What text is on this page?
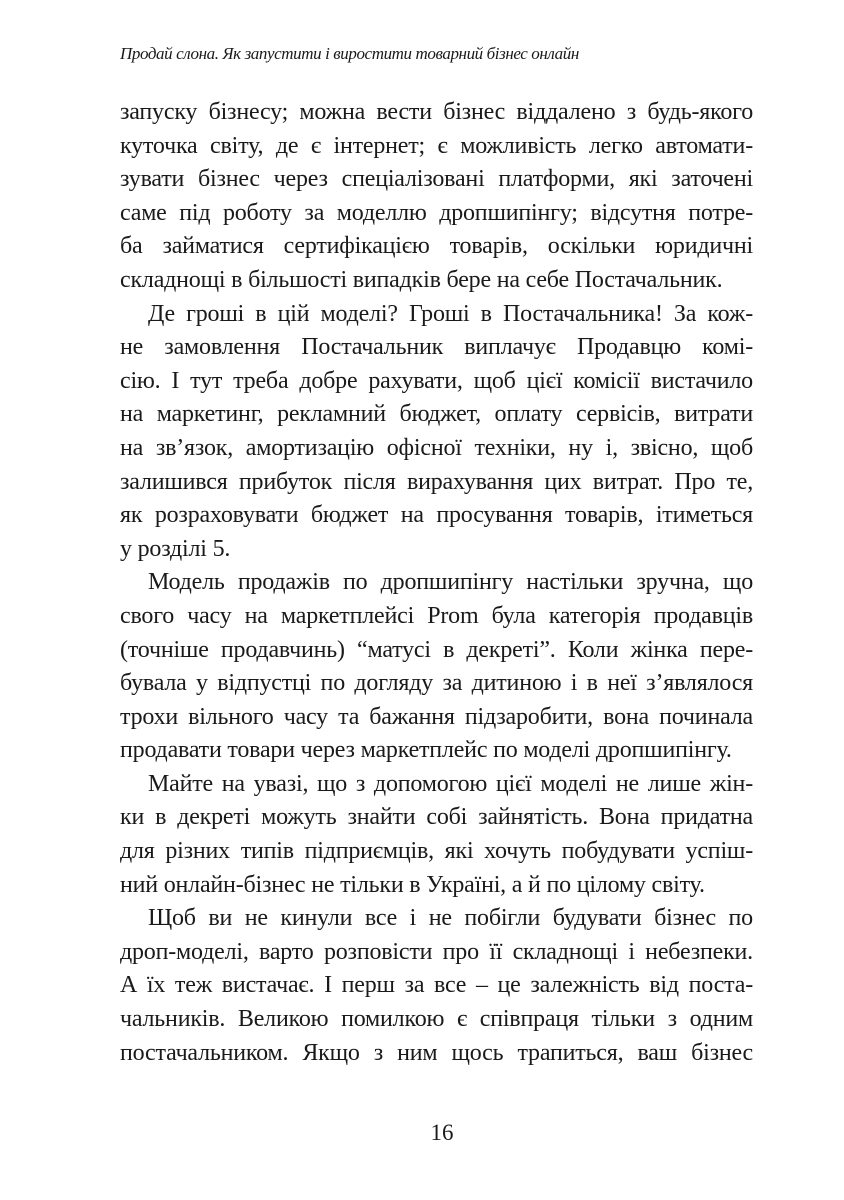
Продай слона. Як запустити і виростити товарний бізнес онлайн
запуску бізнесу; можна вести бізнес віддалено з будь-якого
куточка світу, де є інтернет; є можливість легко автомати-
зувати бізнес через спеціалізовані платформи, які заточені
саме під роботу за моделлю дропшипінгу; відсутня потре-
ба займатися сертифікацією товарів, оскільки юридичні
складнощі в більшості випадків бере на себе Постачальник.
Де гроші в цій моделі? Гроші в Постачальника! За кож-
не замовлення Постачальник виплачує Продавцю комі-
сію. І тут треба добре рахувати, щоб цієї комісії вистачило
на маркетинг, рекламний бюджет, оплату сервісів, витрати
на зв’язок, амортизацію офісної техніки, ну і, звісно, щоб
залишився прибуток після вирахування цих витрат. Про те,
як розраховувати бюджет на просування товарів, ітиметься
у розділі 5.
Модель продажів по дропшипінгу настільки зручна, що
свого часу на маркетплейсі Prom була категорія продавців
(точніше продавчинь) “матусі в декреті”. Коли жінка пере-
бувала у відпустці по догляду за дитиною і в неї з’являлося
трохи вільного часу та бажання підзаробити, вона починала
продавати товари через маркетплейс по моделі дропшипінгу.
Майте на увазі, що з допомогою цієї моделі не лише жін-
ки в декреті можуть знайти собі зайнятість. Вона придатна
для різних типів підприємців, які хочуть побудувати успіш-
ний онлайн-бізнес не тільки в Україні, а й по цілому світу.
Щоб ви не кинули все і не побігли будувати бізнес по
дроп-моделі, варто розповісти про її складнощі і небезпеки.
А їх теж вистачає. І перш за все – це залежність від поста-
чальників. Великою помилкою є співпраця тільки з одним
постачальником. Якщо з ним щось трапиться, ваш бізнес
16
